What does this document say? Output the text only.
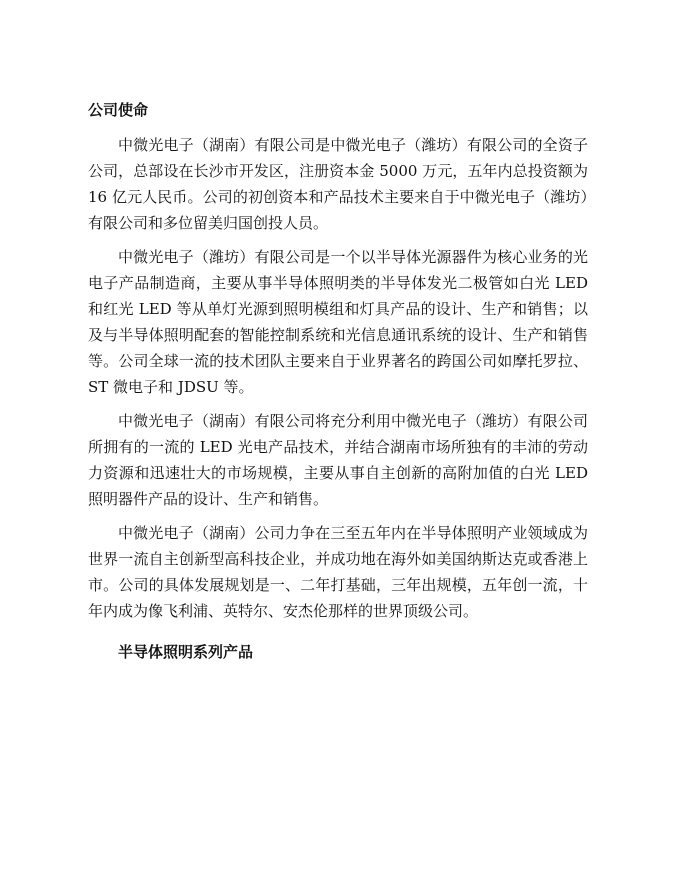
公司使命

中微光电子（湖南）有限公司是中微光电子（潍坊）有限公司的全资子公司，总部设在长沙市开发区，注册资本金 5000 万元，五年内总投资额为 16 亿元人民币。公司的初创资本和产品技术主要来自于中微光电子（潍坊）有限公司和多位留美归国创投人员。

中微光电子（潍坊）有限公司是一个以半导体光源器件为核心业务的光电子产品制造商，主要从事半导体照明类的半导体发光二极管如白光 LED 和红光 LED 等从单灯光源到照明模组和灯具产品的设计、生产和销售；以及与半导体照明配套的智能控制系统和光信息通讯系统的设计、生产和销售等。公司全球一流的技术团队主要来自于业界著名的跨国公司如摩托罗拉、ST 微电子和 JDSU 等。

中微光电子（湖南）有限公司将充分利用中微光电子（潍坊）有限公司所拥有的一流的 LED 光电产品技术，并结合湖南市场所独有的丰沛的劳动力资源和迅速壮大的市场规模，主要从事自主创新的高附加值的白光 LED 照明器件产品的设计、生产和销售。

中微光电子（湖南）公司力争在三至五年内在半导体照明产业领域成为世界一流自主创新型高科技企业，并成功地在海外如美国纳斯达克或香港上市。公司的具体发展规划是一、二年打基础，三年出规模，五年创一流，十年内成为像飞利浦、英特尔、安杰伦那样的世界顶级公司。

半导体照明系列产品
